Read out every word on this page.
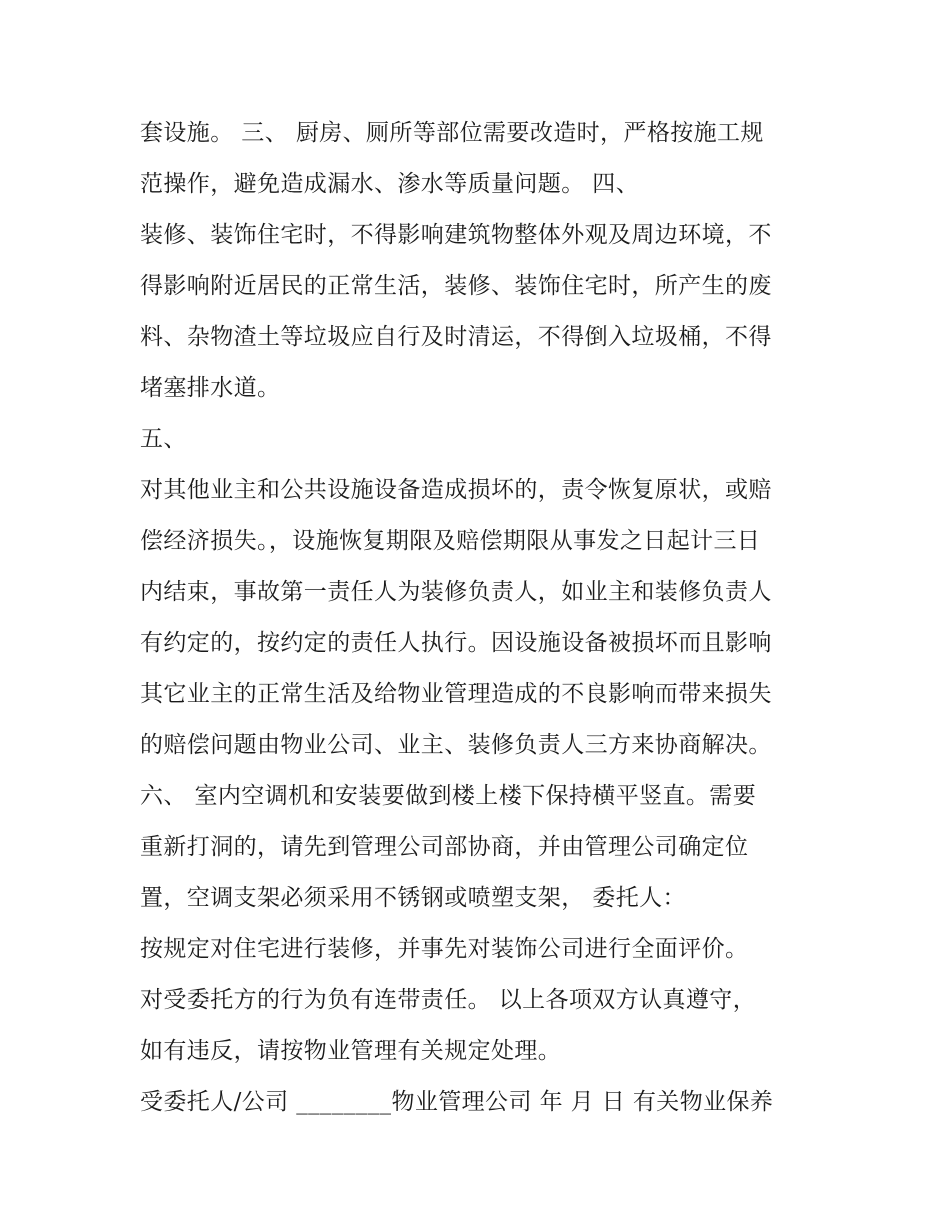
套设施。 三、 厨房、厕所等部位需要改造时，严格按施工规
范操作，避免造成漏水、渗水等质量问题。 四、
装修、装饰住宅时，不得影响建筑物整体外观及周边环境，不
得影响附近居民的正常生活，装修、装饰住宅时，所产生的废
料、杂物渣土等垃圾应自行及时清运，不得倒入垃圾桶，不得
堵塞排水道。
五、
对其他业主和公共设施设备造成损坏的，责令恢复原状，或赔
偿经济损失。，设施恢复期限及赔偿期限从事发之日起计三日
内结束，事故第一责任人为装修负责人，如业主和装修负责人
有约定的，按约定的责任人执行。因设施设备被损坏而且影响
其它业主的正常生活及给物业管理造成的不良影响而带来损失
的赔偿问题由物业公司、业主、装修负责人三方来协商解决。
六、 室内空调机和安装要做到楼上楼下保持横平竖直。需要
重新打洞的，请先到管理公司部协商，并由管理公司确定位
置，空调支架必须采用不锈钢或喷塑支架， 委托人：
按规定对住宅进行装修，并事先对装饰公司进行全面评价。
对受委托方的行为负有连带责任。 以上各项双方认真遵守，
如有违反，请按物业管理有关规定处理。
受委托人/公司 ________物业管理公司 年 月 日 有关物业保养
